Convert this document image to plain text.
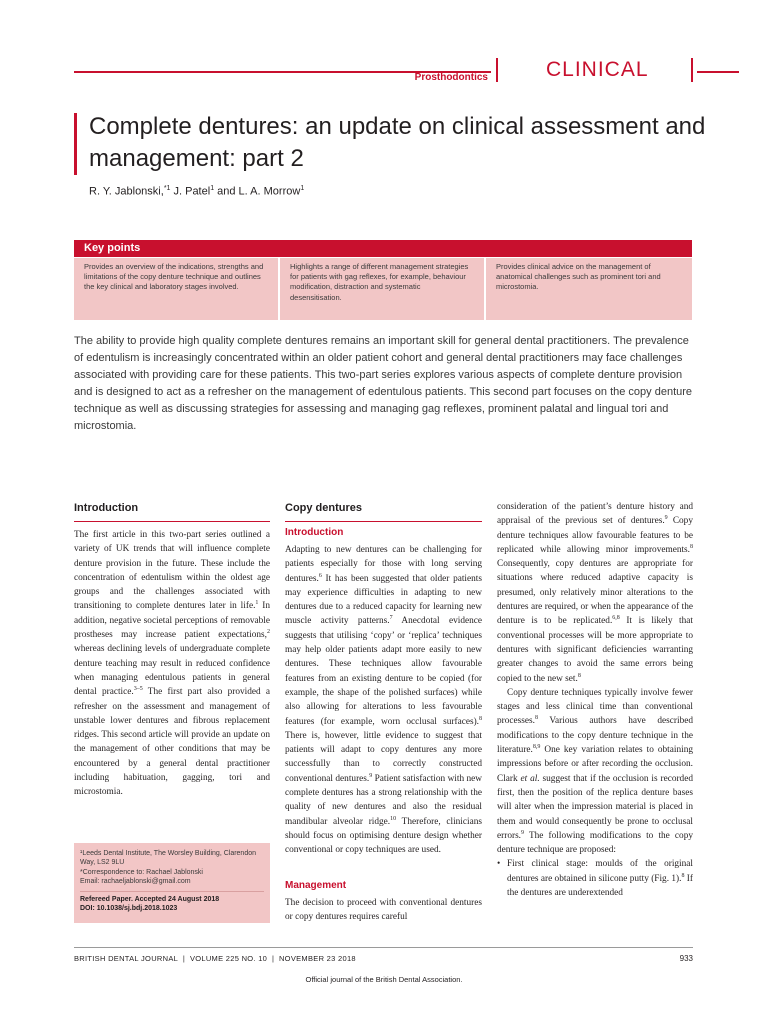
Prosthodontics	CLINICAL
Complete dentures: an update on clinical assessment and management: part 2
R. Y. Jablonski,$^{*1}$ J. Patel$^1$ and L. A. Morrow$^1$
Key points
Provides an overview of the indications, strengths and limitations of the copy denture technique and outlines the key clinical and laboratory stages involved.
Highlights a range of different management strategies for patients with gag reflexes, for example, behaviour modification, distraction and systematic desensitisation.
Provides clinical advice on the management of anatomical challenges such as prominent tori and microstomia.

The ability to provide high quality complete dentures remains an important skill for general dental practitioners. The prevalence of edentulism is increasingly concentrated within an older patient cohort and general dental practitioners may face challenges associated with providing care for these patients. This two-part series explores various aspects of complete denture provision and is designed to act as a refresher on the management of edentulous patients. This second part focuses on the copy denture technique as well as discussing strategies for assessing and managing gag reflexes, prominent palatal and lingual tori and microstomia.

Introduction

The first article in this two-part series outlined a variety of UK trends that will influence complete denture provision in the future. These include the concentration of edentulism within the oldest age groups and the challenges associated with transitioning to complete dentures later in life.$^1$ In addition, negative societal perceptions of removable prostheses may increase patient expectations,$^2$ whereas declining levels of undergraduate complete denture teaching may result in reduced confidence when managing edentulous patients in general dental practice.$^{3-5}$ The first part also provided a refresher on the assessment and management of unstable lower dentures and fibrous replacement ridges. This second article will provide an update on the management of other conditions that may be encountered by a general dental practitioner including habituation, gagging, tori and microstomia.

¹Leeds Dental Institute, The Worsley Building, Clarendon Way, LS2 9LU
*Correspondence to: Rachael Jablonski
Email: rachaeljablonski@gmail.com
Refereed Paper. Accepted 24 August 2018
DOI: 10.1038/sj.bdj.2018.1023
Copy dentures
Introduction

Adapting to new dentures can be challenging for patients especially for those with long serving dentures.$^6$ It has been suggested that older patients may experience difficulties in adapting to new dentures due to a reduced capacity for learning new muscle activity patterns.$^7$ Anecdotal evidence suggests that utilising ‘copy’ or ‘replica’ techniques may help older patients adapt more easily to new dentures. These techniques allow favourable features from an existing denture to be copied (for example, the shape of the polished surfaces) while also allowing for alterations to less favourable features (for example, worn occlusal surfaces).$^8$ There is, however, little evidence to suggest that patients will adapt to copy dentures any more successfully than to correctly constructed conventional dentures.$^9$ Patient satisfaction with new complete dentures has a strong relationship with the quality of new dentures and also the residual mandibular alveolar ridge.$^{10}$ Therefore, clinicians should focus on optimising denture design whether conventional or copy techniques are used.

Management

The decision to proceed with conventional dentures or copy dentures requires careful

consideration of the patient’s denture history and appraisal of the previous set of dentures.$^9$ Copy denture techniques allow favourable features to be replicated while allowing minor improvements.$^8$ Consequently, copy dentures are appropriate for situations where reduced adaptive capacity is presumed, only relatively minor alterations to the dentures are required, or when the appearance of the denture is to be replicated.$^{6,8}$ It is likely that conventional processes will be more appropriate to dentures with significant deficiencies warranting greater changes to avoid the same errors being copied to the new set.$^8$

Copy denture techniques typically involve fewer stages and less clinical time than conventional processes.$^8$ Various authors have described modifications to the copy denture technique in the literature.$^{8,9}$ One key variation relates to obtaining impressions before or after recording the occlusion. Clark et al. suggest that if the occlusion is recorded first, then the position of the replica denture bases will alter when the impression material is placed in them and would consequently be prone to occlusal errors.$^9$ The following modifications to the copy denture technique are proposed:

• First clinical stage: moulds of the original dentures are obtained in silicone putty (Fig. 1).$^8$ If the dentures are underextended
BRITISH DENTAL JOURNAL | VOLUME 225 NO. 10 | NOVEMBER 23 2018	933
Official journal of the British Dental Association.
